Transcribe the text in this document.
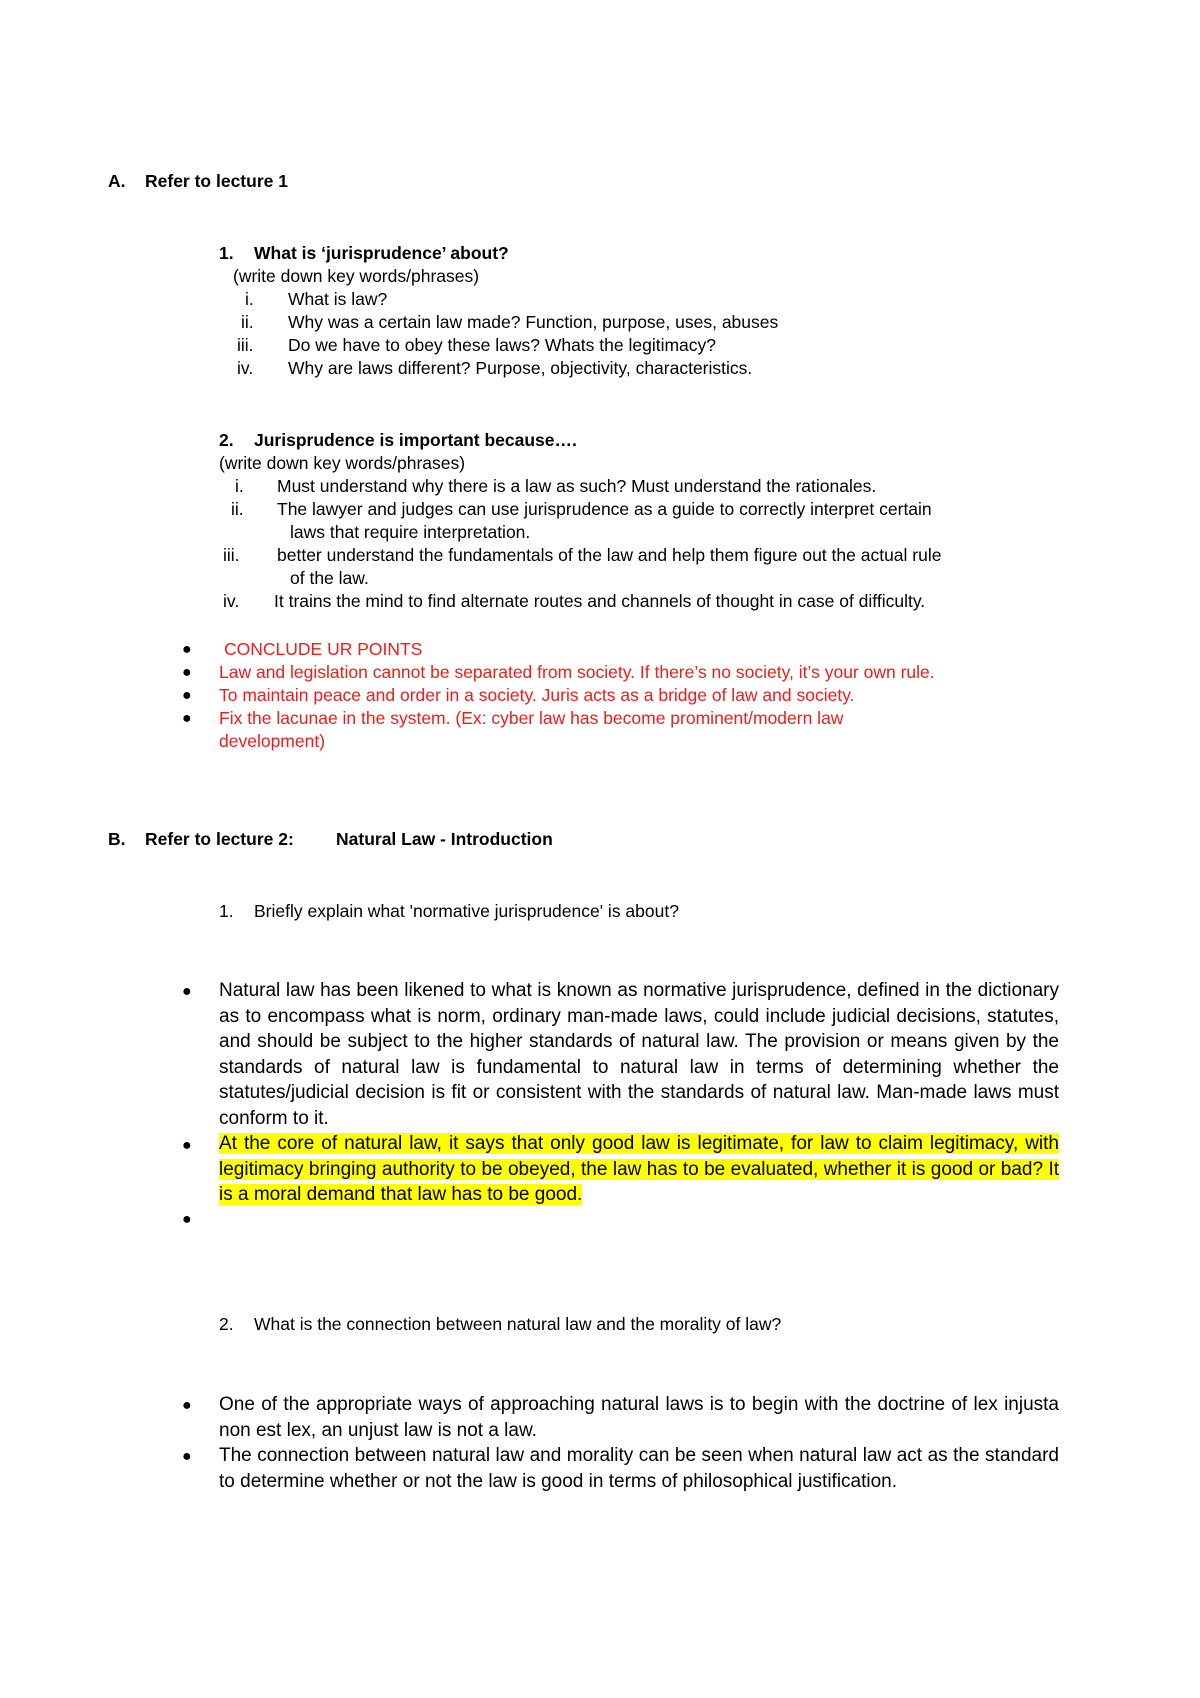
A. Refer to lecture 1
1. What is ‘jurisprudence’ about?
(write down key words/phrases)
i. What is law?
ii. Why was a certain law made? Function, purpose, uses, abuses
iii. Do we have to obey these laws? Whats the legitimacy?
iv. Why are laws different? Purpose, objectivity, characteristics.
2. Jurisprudence is important because….
(write down key words/phrases)
i. Must understand why there is a law as such? Must understand the rationales.
ii. The lawyer and judges can use jurisprudence as a guide to correctly interpret certain
laws that require interpretation.
iii. better understand the fundamentals of the law and help them figure out the actual rule
of the law.
iv. It trains the mind to find alternate routes and channels of thought in case of difficulty.
● CONCLUDE UR POINTS
● Law and legislation cannot be separated from society. If there’s no society, it’s your own rule.
● To maintain peace and order in a society. Juris acts as a bridge of law and society.
● Fix the lacunae in the system. (Ex: cyber law has become prominent/modern law
development)
B. Refer to lecture 2: Natural Law - Introduction
1. Briefly explain what 'normative jurisprudence' is about?
● Natural law has been likened to what is known as normative jurisprudence, defined in the dictionary as to encompass what is norm, ordinary man-made laws, could include judicial decisions, statutes, and should be subject to the higher standards of natural law. The provision or means given by the standards of natural law is fundamental to natural law in terms of determining whether the statutes/judicial decision is fit or consistent with the standards of natural law. Man-made laws must conform to it.
● At the core of natural law, it says that only good law is legitimate, for law to claim legitimacy, with legitimacy bringing authority to be obeyed, the law has to be evaluated, whether it is good or bad? It is a moral demand that law has to be good.
●
2. What is the connection between natural law and the morality of law?
● One of the appropriate ways of approaching natural laws is to begin with the doctrine of lex injusta non est lex, an unjust law is not a law.
● The connection between natural law and morality can be seen when natural law act as the standard to determine whether or not the law is good in terms of philosophical justification.
